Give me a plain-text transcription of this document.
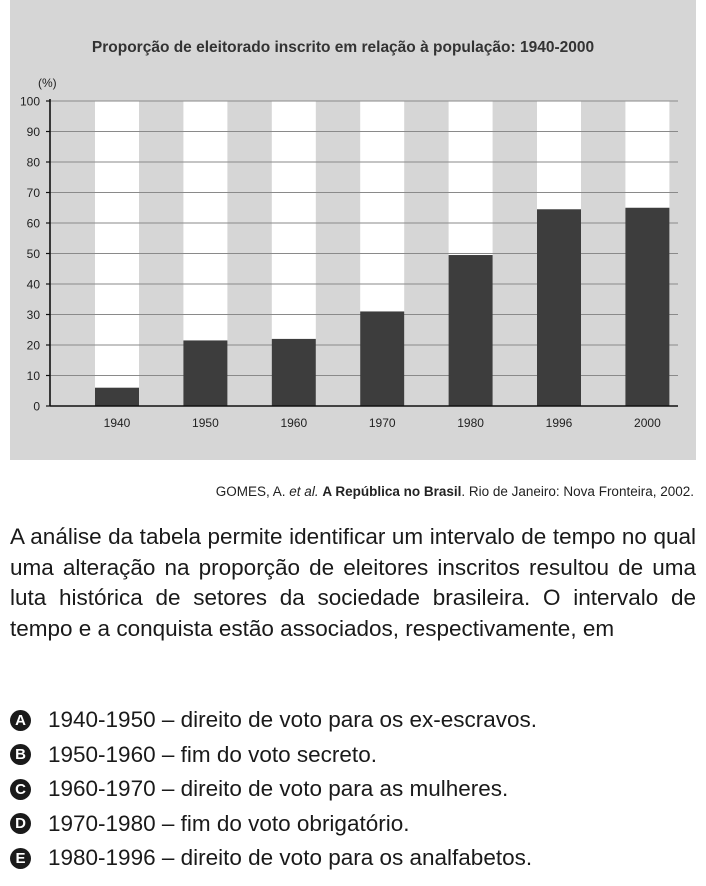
Proporção de eleitorado inscrito em relação à população: 1940-2000
(%)
0
10
20
30
40
50
60
70
80
90
100
1940	1950	1960	1970	1980	1996	2000
GOMES, A. et al. A República no Brasil. Rio de Janeiro: Nova Fronteira, 2002.
A análise da tabela permite identificar um intervalo de tempo no qual uma alteração na proporção de eleitores inscritos resultou de uma luta histórica de setores da sociedade brasileira. O intervalo de tempo e a conquista estão associados, respectivamente, em
A 1940-1950 – direito de voto para os ex-escravos.
B 1950-1960 – fim do voto secreto.
C 1960-1970 – direito de voto para as mulheres.
D 1970-1980 – fim do voto obrigatório.
E 1980-1996 – direito de voto para os analfabetos.
